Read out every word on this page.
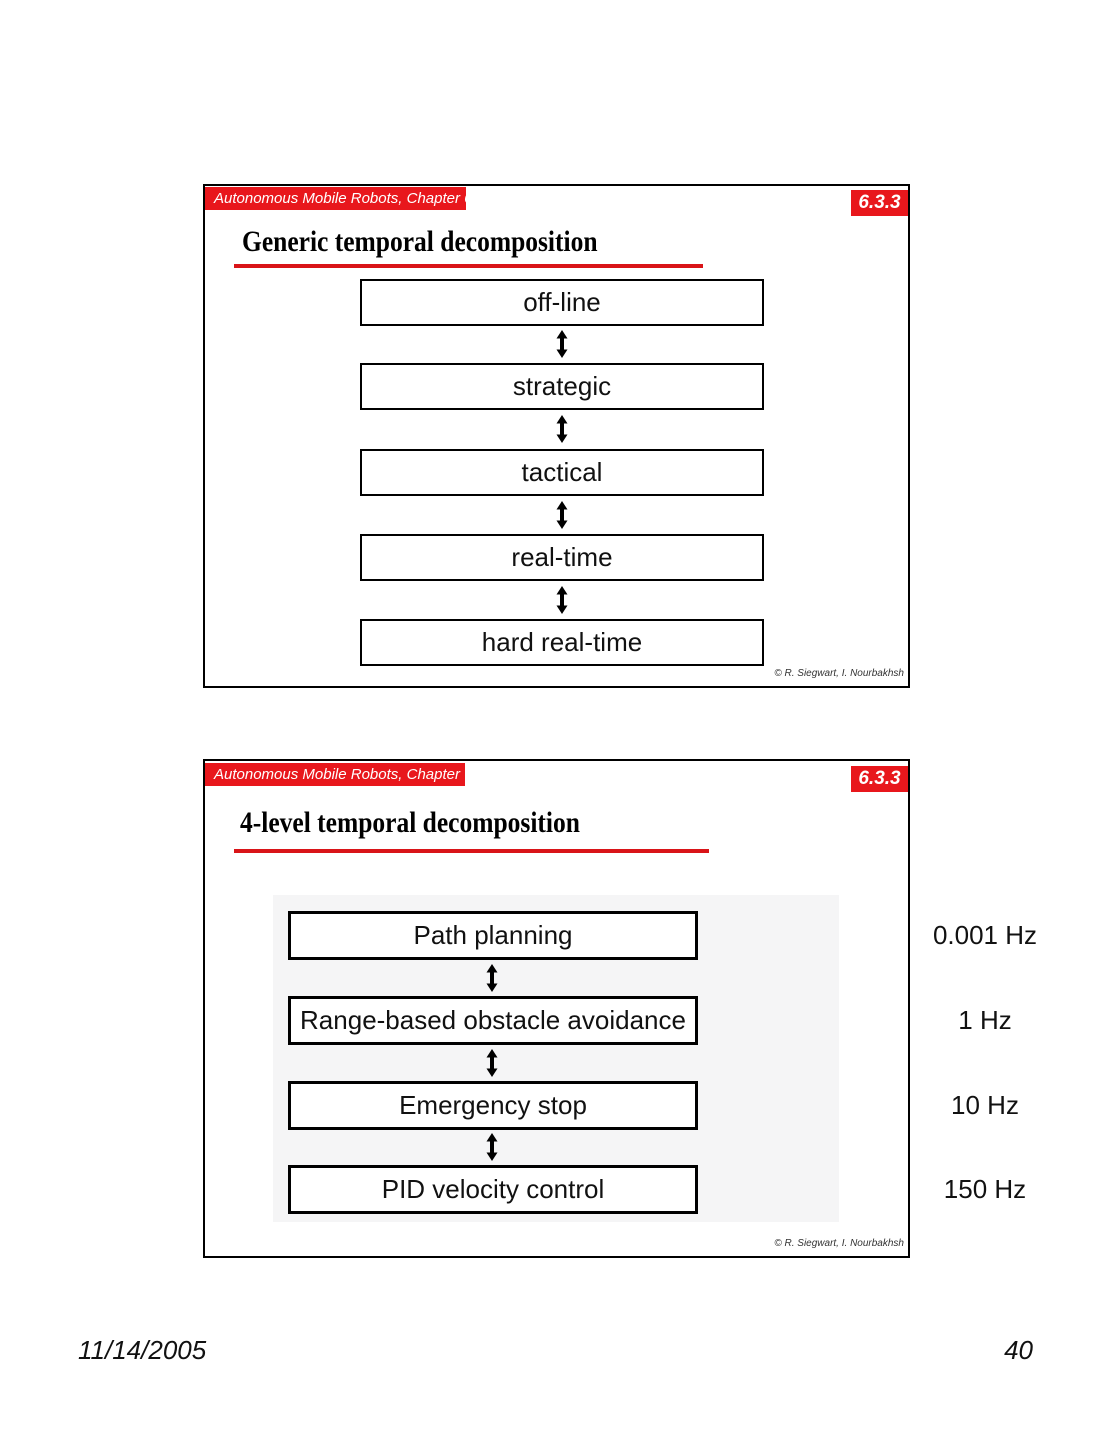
Autonomous Mobile Robots, Chapter 6	6.3.3
Generic temporal decomposition
off-line
strategic
tactical
real-time
hard real-time
© R. Siegwart, I. Nourbakhsh
Autonomous Mobile Robots, Chapter 6	6.3.3
4-level temporal decomposition
Path planning	0.001 Hz
Range-based obstacle avoidance	1 Hz
Emergency stop	10 Hz
PID velocity control	150 Hz
© R. Siegwart, I. Nourbakhsh
11/14/2005	40
